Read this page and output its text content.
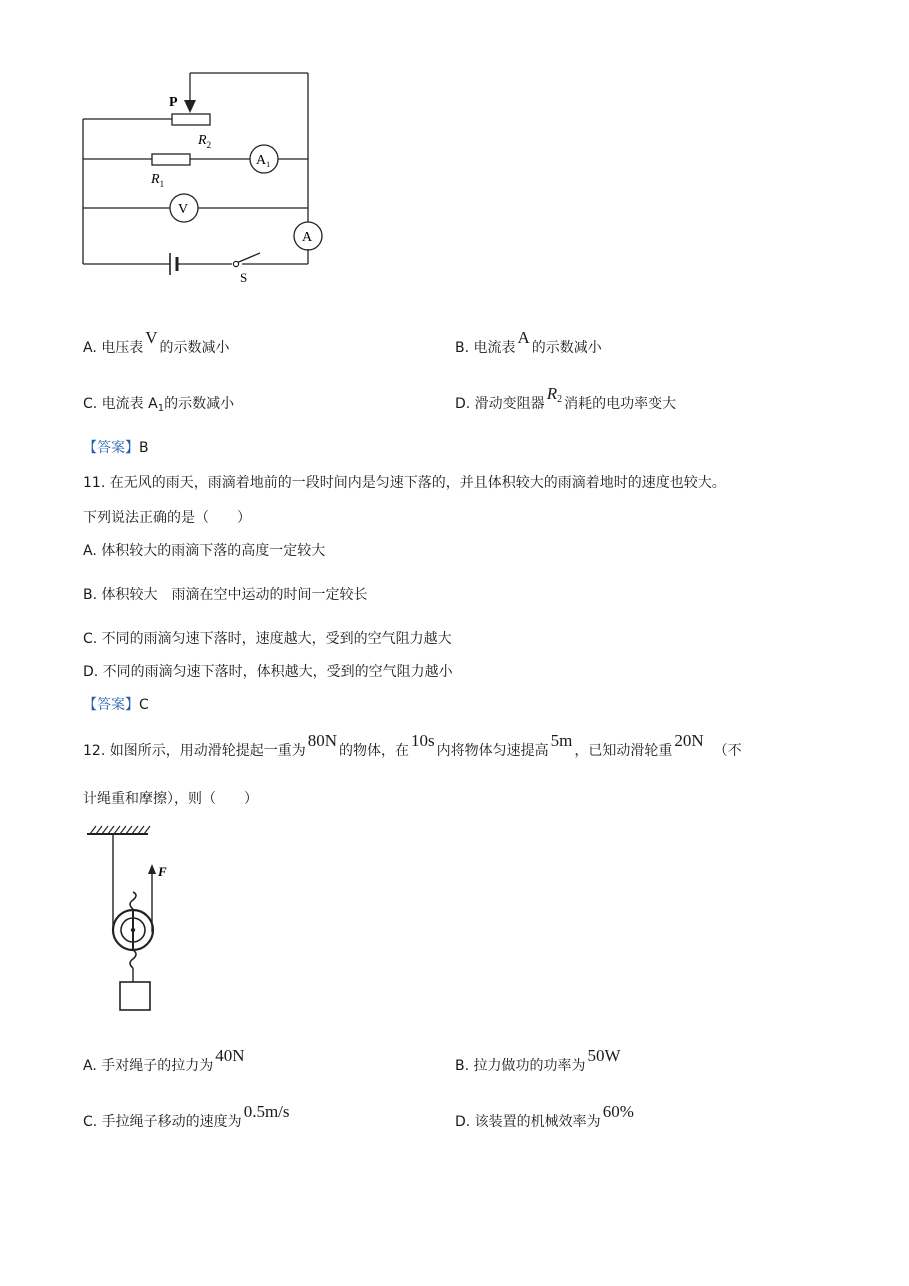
P
$R_2$
$R_1$
$A_1$
V
A
S
A. 电压表V的示数减小	B. 电流表A的示数减小
C. 电流表 $A_1$的示数减小	D. 滑动变阻器R2 消耗的电功率变大
【答案】B
11. 在无风的雨天，雨滴着地前的一段时间内是匀速下落的，并且体积较大的雨滴着地时的速度也较大。
下列说法正确的是（　　）
A. 体积较大的雨滴下落的高度一定较大
B. 体积较大　雨滴在空中运动的时间一定较长
C. 不同的雨滴匀速下落时，速度越大，受到的空气阻力越大
D. 不同的雨滴匀速下落时，体积越大，受到的空气阻力越小
【答案】C
12. 如图所示，用动滑轮提起一重为80N的物体，在10s内将物体匀速提高5m，已知动滑轮重20N（不
计绳重和摩擦），则（　　）
F
A. 手对绳子的拉力为40N
B. 拉力做功的功率为50W
C. 手拉绳子移动的速度为0.5m/s
D. 该装置的机械效率为60%
